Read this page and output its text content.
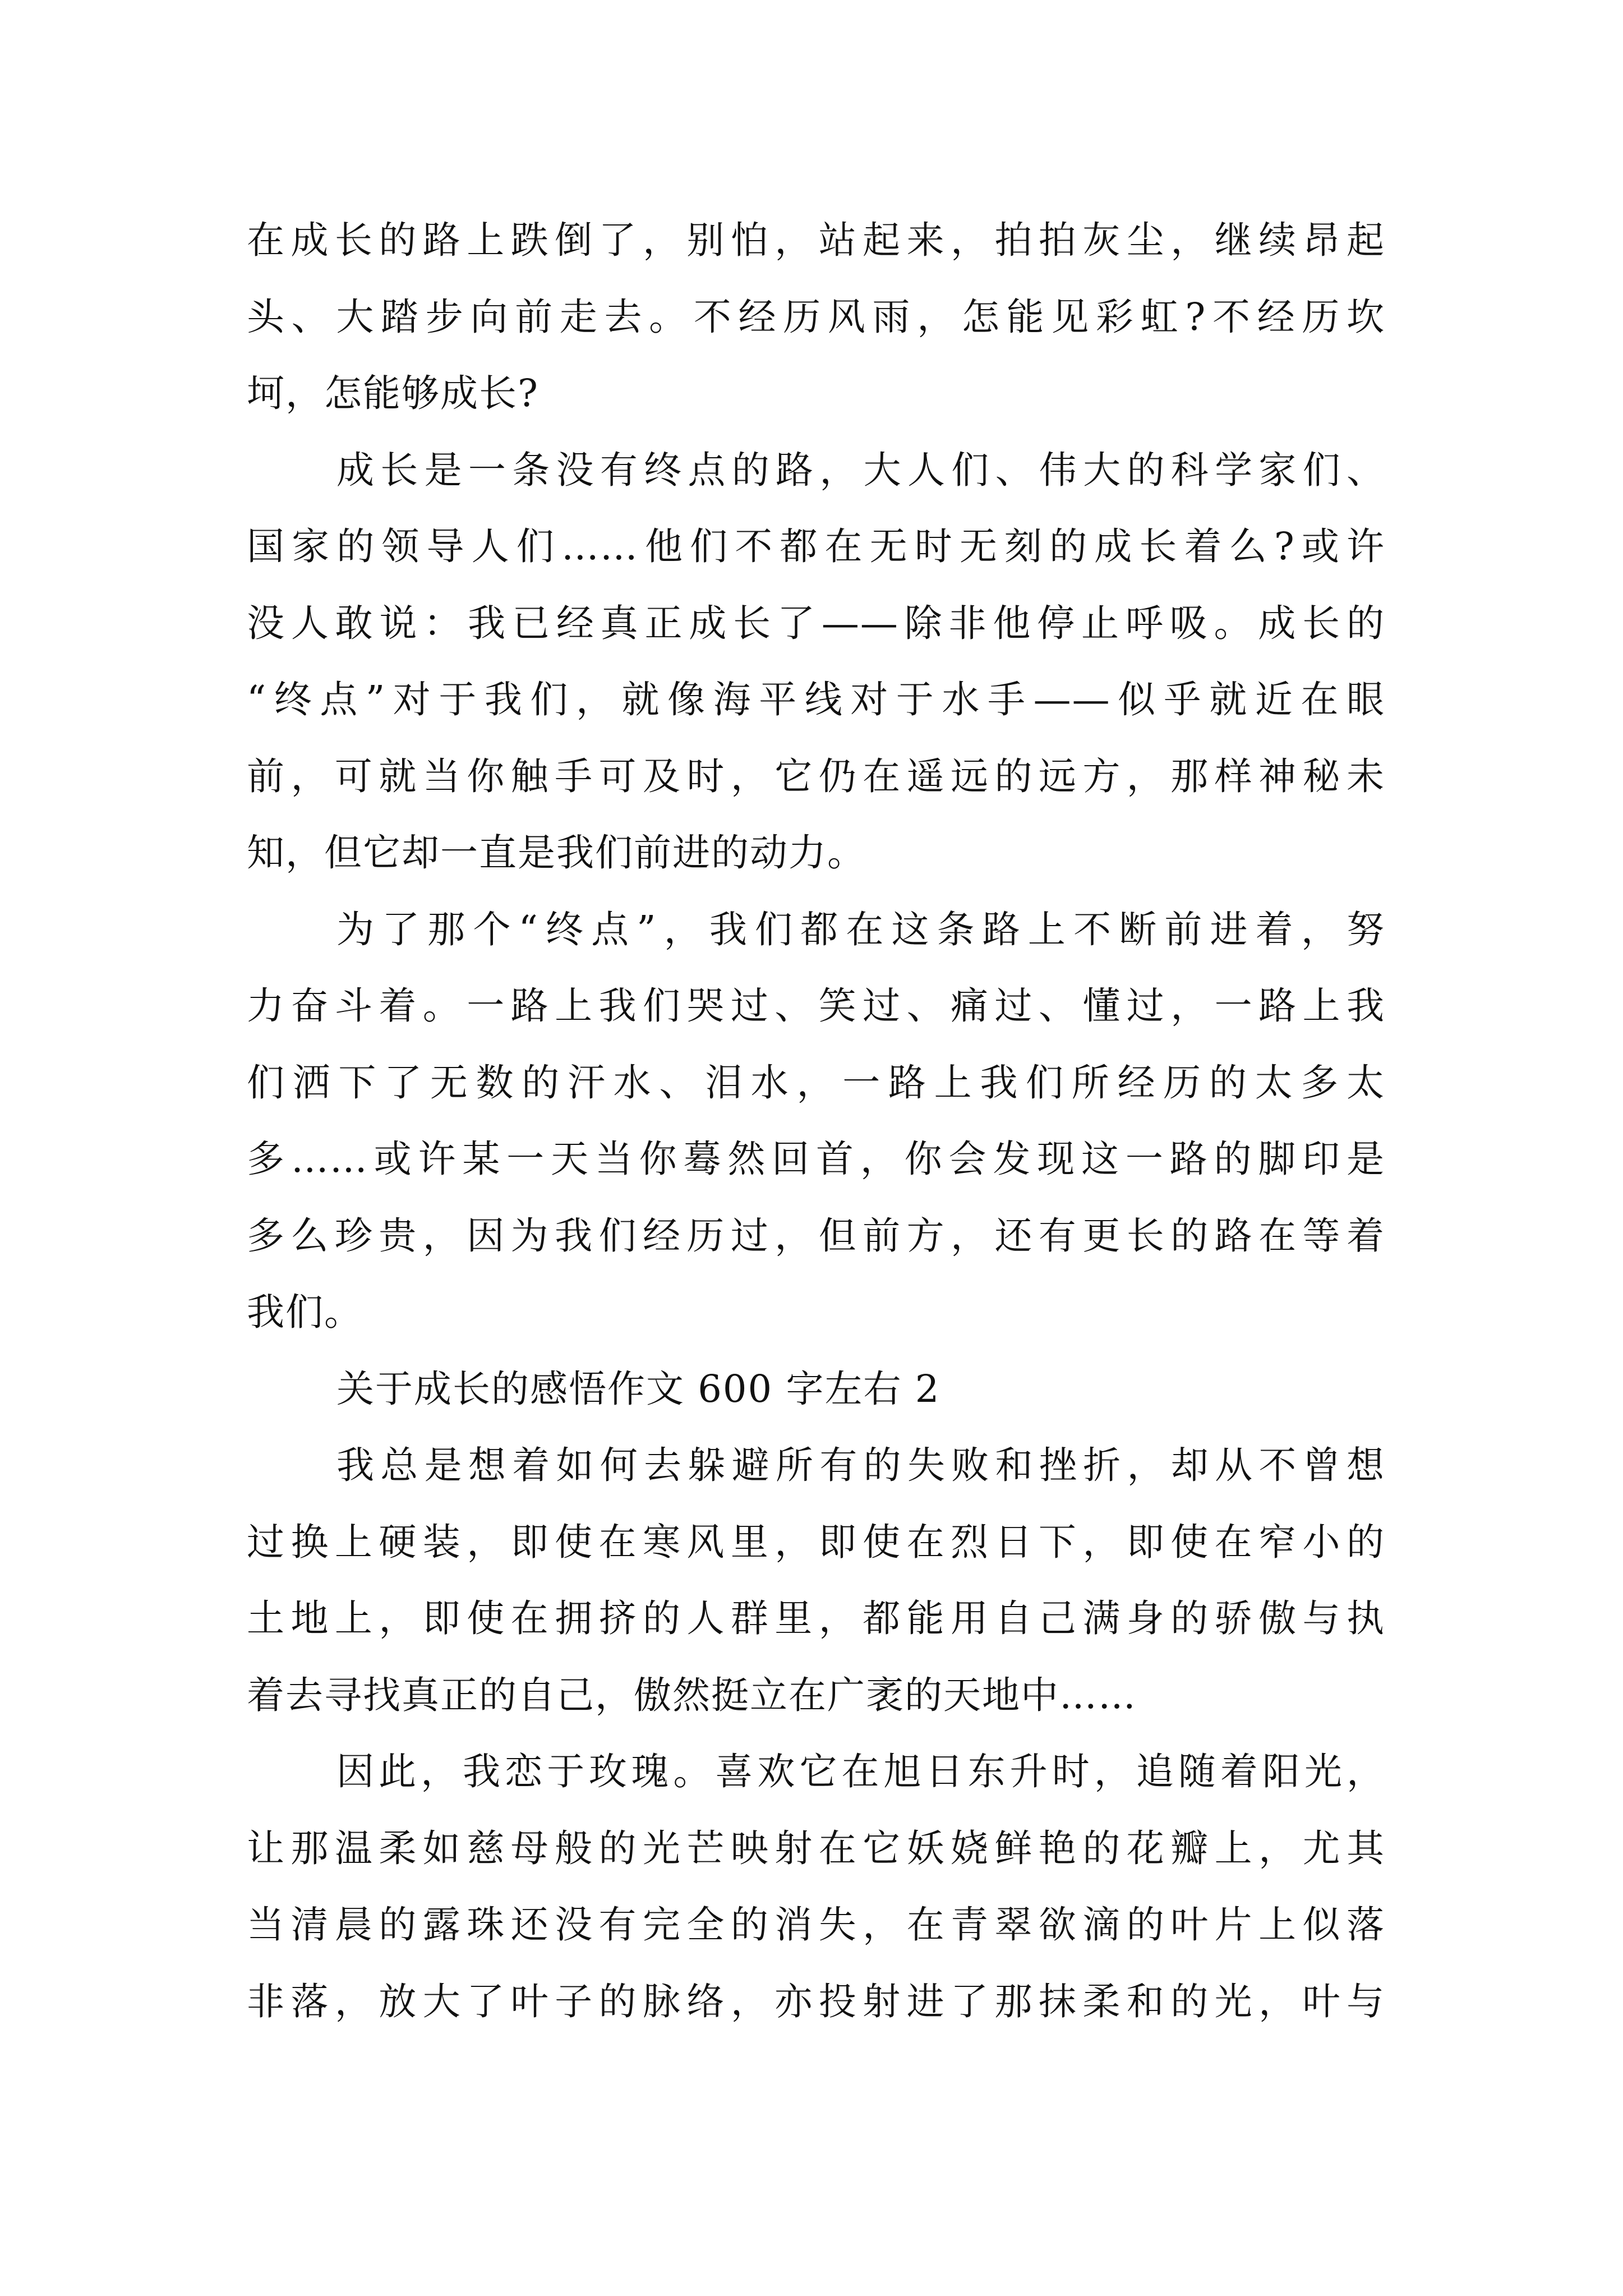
在成长的路上跌倒了，别怕，站起来，拍拍灰尘，继续昂起
头、大踏步向前走去。不经历风雨，怎能见彩虹?不经历坎
坷，怎能够成长?
成长是一条没有终点的路，大人们、伟大的科学家们、
国家的领导人们……他们不都在无时无刻的成长着么?或许
没人敢说：我已经真正成长了——除非他停止呼吸。成长的
“终点”对于我们，就像海平线对于水手——似乎就近在眼
前，可就当你触手可及时，它仍在遥远的远方，那样神秘未
知，但它却一直是我们前进的动力。
为了那个“终点”，我们都在这条路上不断前进着，努
力奋斗着。一路上我们哭过、笑过、痛过、懂过，一路上我
们洒下了无数的汗水、泪水，一路上我们所经历的太多太
多……或许某一天当你蓦然回首，你会发现这一路的脚印是
多么珍贵，因为我们经历过，但前方，还有更长的路在等着
我们。
关于成长的感悟作文 600 字左右 2
我总是想着如何去躲避所有的失败和挫折，却从不曾想
过换上硬装，即使在寒风里，即使在烈日下，即使在窄小的
土地上，即使在拥挤的人群里，都能用自己满身的骄傲与执
着去寻找真正的自己，傲然挺立在广袤的天地中……
因此，我恋于玫瑰。喜欢它在旭日东升时，追随着阳光，
让那温柔如慈母般的光芒映射在它妖娆鲜艳的花瓣上，尤其
当清晨的露珠还没有完全的消失，在青翠欲滴的叶片上似落
非落，放大了叶子的脉络，亦投射进了那抹柔和的光，叶与
